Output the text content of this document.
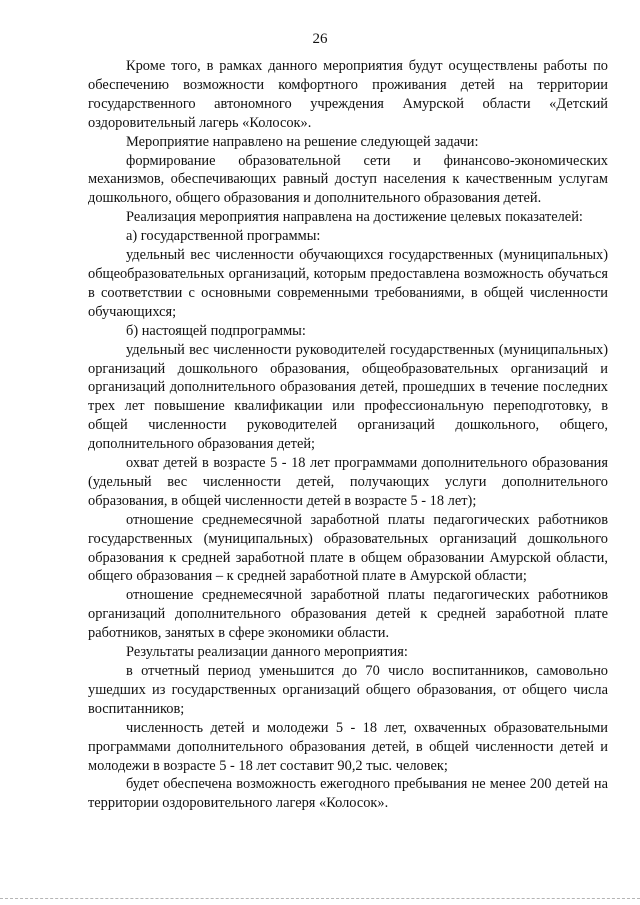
26

Кроме того, в рамках данного мероприятия будут осуществлены работы по обеспечению возможности комфортного проживания детей на территории государственного автономного учреждения Амурской области «Детский оздоровительный лагерь «Колосок».

Мероприятие направлено на решение следующей задачи:

формирование образовательной сети и финансово-экономических механизмов, обеспечивающих равный доступ населения к качественным услугам дошкольного, общего образования и дополнительного образования детей.

Реализация мероприятия направлена на достижение целевых показателей:

а) государственной программы:

удельный вес численности обучающихся государственных (муниципальных) общеобразовательных организаций, которым предоставлена возможность обучаться в соответствии с основными современными требованиями, в общей численности обучающихся;

б) настоящей подпрограммы:

удельный вес численности руководителей государственных (муниципальных) организаций дошкольного образования, общеобразовательных организаций и организаций дополнительного образования детей, прошедших в течение последних трех лет повышение квалификации или профессиональную переподготовку, в общей численности руководителей организаций дошкольного, общего, дополнительного образования детей;

охват детей в возрасте 5 - 18 лет программами дополнительного образования (удельный вес численности детей, получающих услуги дополнительного образования, в общей численности детей в возрасте 5 - 18 лет);

отношение среднемесячной заработной платы педагогических работников государственных (муниципальных) образовательных организаций дошкольного образования к средней заработной плате в общем образовании Амурской области, общего образования – к средней заработной плате в Амурской области;

отношение среднемесячной заработной платы педагогических работников организаций дополнительного образования детей к средней заработной плате работников, занятых в сфере экономики области.

Результаты реализации данного мероприятия:

в отчетный период уменьшится до 70 число воспитанников, самовольно ушедших из государственных организаций общего образования, от общего числа воспитанников;

численность детей и молодежи 5 - 18 лет, охваченных образовательными программами дополнительного образования детей, в общей численности детей и молодежи в возрасте 5 - 18 лет составит 90,2 тыс. человек;

будет обеспечена возможность ежегодного пребывания не менее 200 детей на территории оздоровительного лагеря «Колосок».
